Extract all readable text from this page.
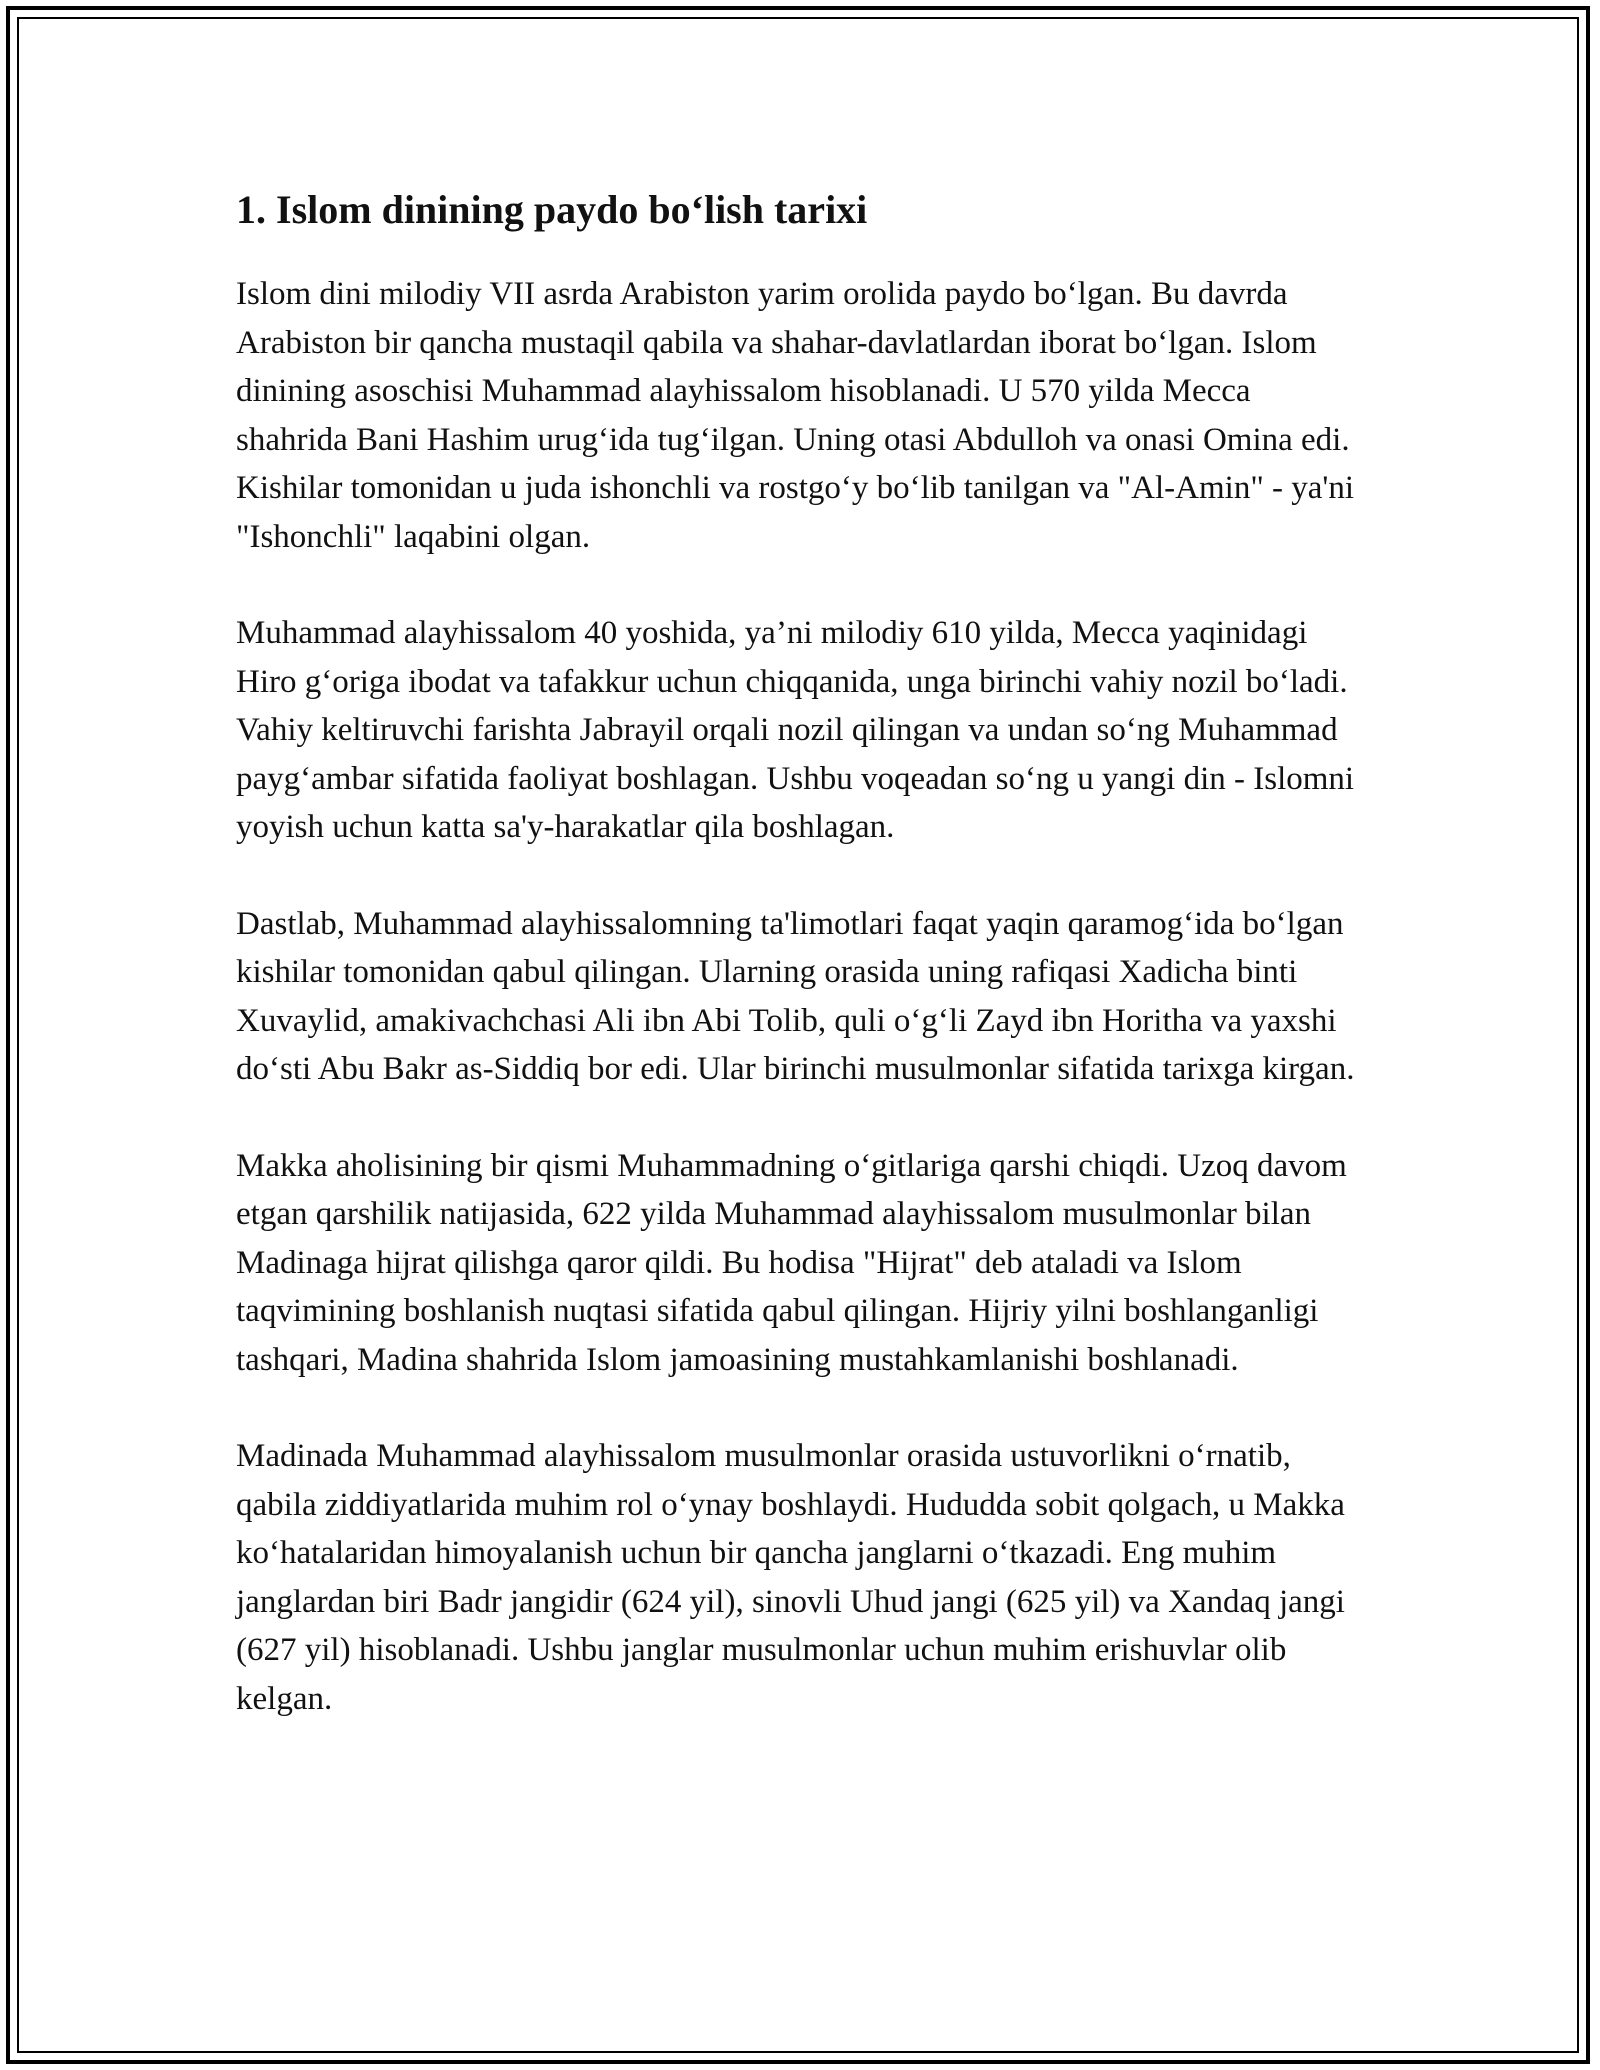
1. Islom dinining paydo bo‘lish tarixi

Islom dini milodiy VII asrda Arabiston yarim orolida paydo bo‘lgan. Bu davrda Arabiston bir qancha mustaqil qabila va shahar-davlatlardan iborat bo‘lgan. Islom dinining asoschisi Muhammad alayhissalom hisoblanadi. U 570 yilda Mecca shahrida Bani Hashim urug‘ida tug‘ilgan. Uning otasi Abdulloh va onasi Omina edi. Kishilar tomonidan u juda ishonchli va rostgo‘y bo‘lib tanilgan va "Al-Amin" - ya'ni "Ishonchli" laqabini olgan.

Muhammad alayhissalom 40 yoshida, ya’ni milodiy 610 yilda, Mecca yaqinidagi Hiro g‘origa ibodat va tafakkur uchun chiqqanida, unga birinchi vahiy nozil bo‘ladi. Vahiy keltiruvchi farishta Jabrayil orqali nozil qilingan va undan so‘ng Muhammad payg‘ambar sifatida faoliyat boshlagan. Ushbu voqeadan so‘ng u yangi din - Islomni yoyish uchun katta sa'y-harakatlar qila boshlagan.

Dastlab, Muhammad alayhissalomning ta'limotlari faqat yaqin qaramog‘ida bo‘lgan kishilar tomonidan qabul qilingan. Ularning orasida uning rafiqasi Xadicha binti Xuvaylid, amakivachchasi Ali ibn Abi Tolib, quli o‘g‘li Zayd ibn Horitha va yaxshi do‘sti Abu Bakr as-Siddiq bor edi. Ular birinchi musulmonlar sifatida tarixga kirgan.

Makka aholisining bir qismi Muhammadning o‘gitlariga qarshi chiqdi. Uzoq davom etgan qarshilik natijasida, 622 yilda Muhammad alayhissalom musulmonlar bilan Madinaga hijrat qilishga qaror qildi. Bu hodisa "Hijrat" deb ataladi va Islom taqvimining boshlanish nuqtasi sifatida qabul qilingan. Hijriy yilni boshlanganligi tashqari, Madina shahrida Islom jamoasining mustahkamlanishi boshlanadi.

Madinada Muhammad alayhissalom musulmonlar orasida ustuvorlikni o‘rnatib, qabila ziddiyatlarida muhim rol o‘ynay boshlaydi. Hududda sobit qolgach, u Makka ko‘hatalaridan himoyalanish uchun bir qancha janglarni o‘tkazadi. Eng muhim janglardan biri Badr jangidir (624 yil), sinovli Uhud jangi (625 yil) va Xandaq jangi (627 yil) hisoblanadi. Ushbu janglar musulmonlar uchun muhim erishuvlar olib kelgan.
